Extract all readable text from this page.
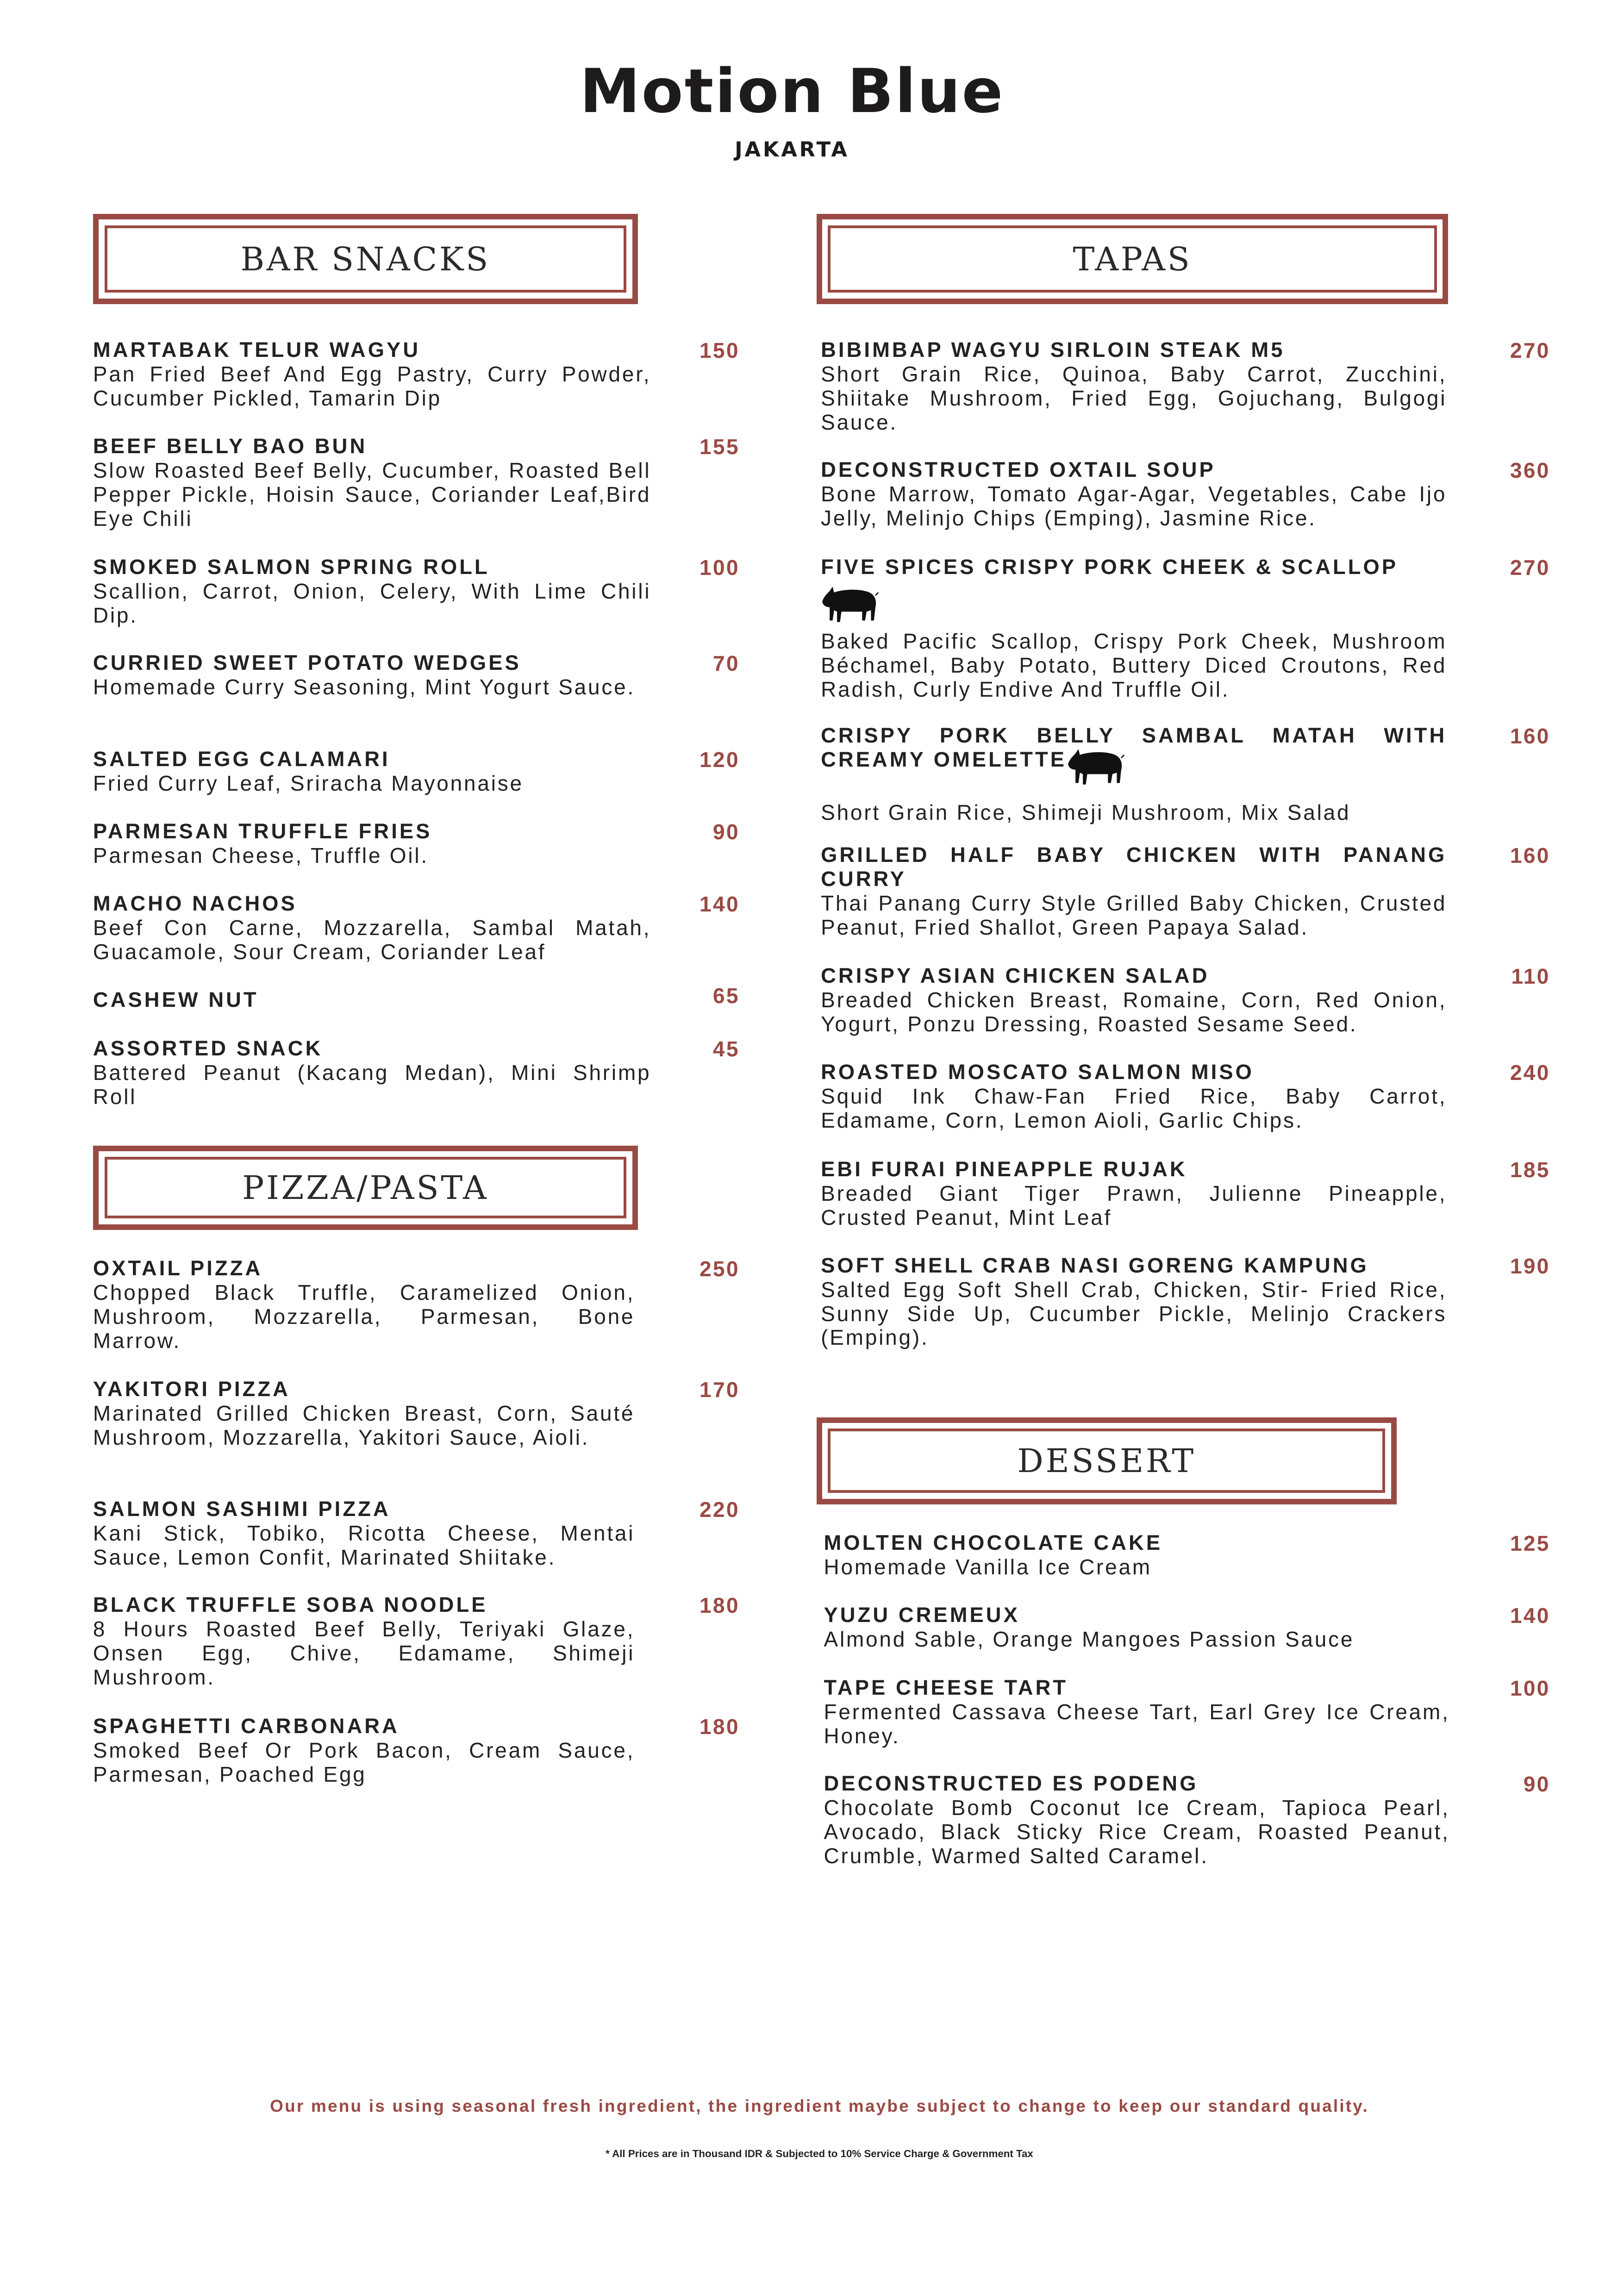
Motion Blue
JAKARTA
BAR SNACKS	TAPAS
PIZZA/PASTA
DESSERT
MARTABAK TELUR WAGYU
Pan Fried Beef And Egg Pastry, Curry Powder, Cucumber Pickled, Tamarin Dip
150
BEEF BELLY BAO BUN
Slow Roasted Beef Belly, Cucumber, Roasted Bell Pepper Pickle, Hoisin Sauce, Coriander Leaf,Bird Eye Chili
155
SMOKED SALMON SPRING ROLL
Scallion, Carrot, Onion, Celery, With Lime Chili Dip.
100
CURRIED SWEET POTATO WEDGES
Homemade Curry Seasoning, Mint Yogurt Sauce.
70
SALTED EGG CALAMARI
Fried Curry Leaf, Sriracha Mayonnaise
120
PARMESAN TRUFFLE FRIES
Parmesan Cheese, Truffle Oil.
90
MACHO NACHOS
Beef Con Carne, Mozzarella, Sambal Matah, Guacamole, Sour Cream, Coriander Leaf
140
CASHEW NUT	65
ASSORTED SNACK
Battered Peanut (Kacang Medan), Mini Shrimp Roll
45
OXTAIL PIZZA
Chopped Black Truffle, Caramelized Onion, Mushroom, Mozzarella, Parmesan, Bone Marrow.
250
YAKITORI PIZZA
Marinated Grilled Chicken Breast, Corn, Sauté Mushroom, Mozzarella, Yakitori Sauce, Aioli.
170
SALMON SASHIMI PIZZA
Kani Stick, Tobiko, Ricotta Cheese, Mentai Sauce, Lemon Confit, Marinated Shiitake.
220
BLACK TRUFFLE SOBA NOODLE
8 Hours Roasted Beef Belly, Teriyaki Glaze, Onsen Egg, Chive, Edamame, Shimeji Mushroom.
180
SPAGHETTI CARBONARA
Smoked Beef Or Pork Bacon, Cream Sauce, Parmesan, Poached Egg
180
BIBIMBAP WAGYU SIRLOIN STEAK M5
Short Grain Rice, Quinoa, Baby Carrot, Zucchini, Shiitake Mushroom, Fried Egg, Gojuchang, Bulgogi Sauce.
270
DECONSTRUCTED OXTAIL SOUP
Bone Marrow, Tomato Agar-Agar, Vegetables, Cabe Ijo Jelly, Melinjo Chips (Emping), Jasmine Rice.
360
FIVE SPICES CRISPY PORK CHEEK & SCALLOP
Baked Pacific Scallop, Crispy Pork Cheek, Mushroom Béchamel, Baby Potato, Buttery Diced Croutons, Red Radish, Curly Endive And Truffle Oil.
270
CRISPY PORK BELLY SAMBAL MATAH WITH CREAMY OMELETTE
Short Grain Rice, Shimeji Mushroom, Mix Salad
160
GRILLED HALF BABY CHICKEN WITH PANANG CURRY
Thai Panang Curry Style Grilled Baby Chicken, Crusted Peanut, Fried Shallot, Green Papaya Salad.
160
CRISPY ASIAN CHICKEN SALAD
Breaded Chicken Breast, Romaine, Corn, Red Onion, Yogurt, Ponzu Dressing, Roasted Sesame Seed.
110
ROASTED MOSCATO SALMON MISO
Squid Ink Chaw-Fan Fried Rice, Baby Carrot, Edamame, Corn, Lemon Aioli, Garlic Chips.
240
EBI FURAI PINEAPPLE RUJAK
Breaded Giant Tiger Prawn, Julienne Pineapple, Crusted Peanut, Mint Leaf
185
SOFT SHELL CRAB NASI GORENG KAMPUNG
Salted Egg Soft Shell Crab, Chicken, Stir- Fried Rice, Sunny Side Up, Cucumber Pickle, Melinjo Crackers (Emping).
190
MOLTEN CHOCOLATE CAKE
Homemade Vanilla Ice Cream
125
YUZU CREMEUX
Almond Sable, Orange Mangoes Passion Sauce
140
TAPE CHEESE TART
Fermented Cassava Cheese Tart, Earl Grey Ice Cream, Honey.
100
DECONSTRUCTED ES PODENG
Chocolate Bomb Coconut Ice Cream, Tapioca Pearl, Avocado, Black Sticky Rice Cream, Roasted Peanut, Crumble, Warmed Salted Caramel.
90
Our menu is using seasonal fresh ingredient, the ingredient maybe subject to change to keep our standard quality.
* All Prices are in Thousand IDR & Subjected to 10% Service Charge & Government Tax
